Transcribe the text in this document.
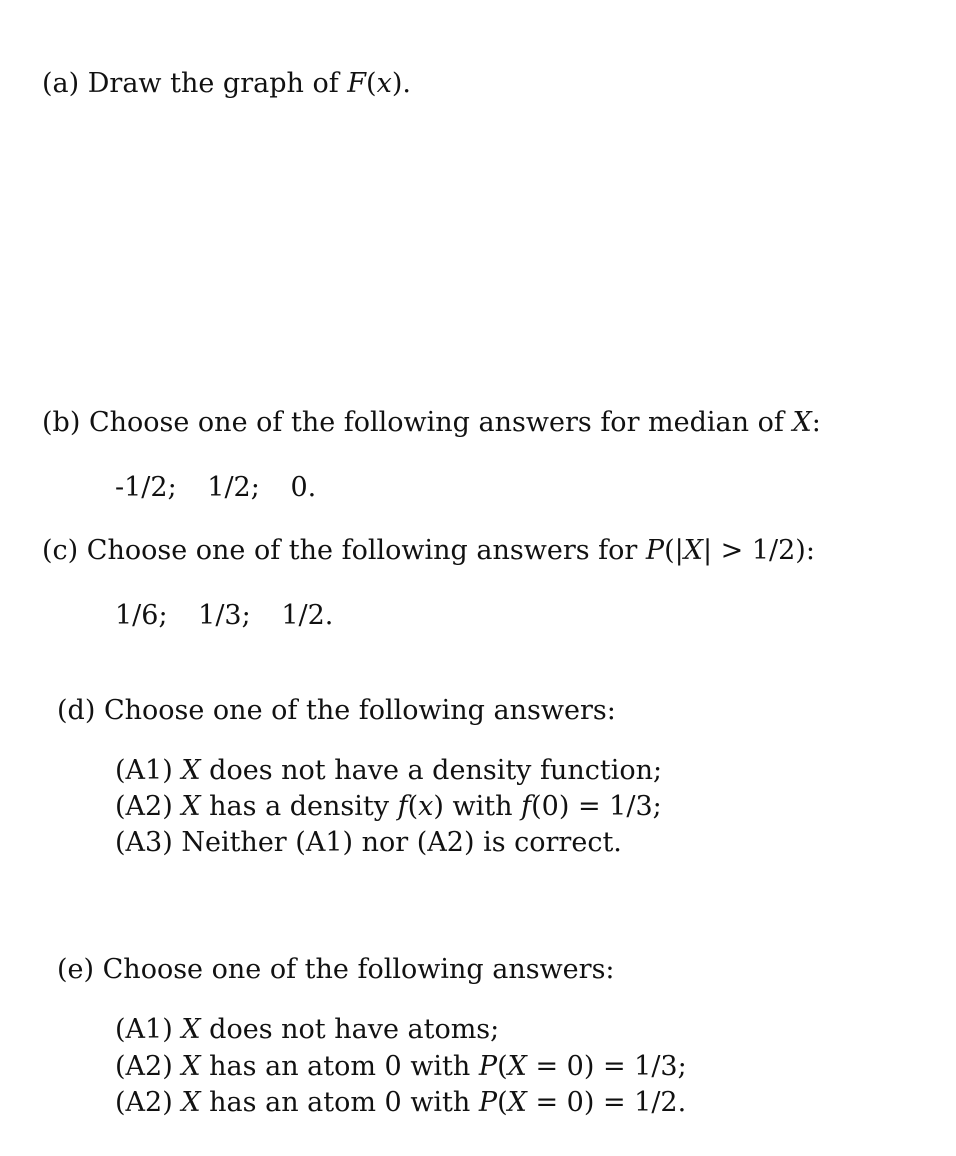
(a) Draw the graph of F(x).
(b) Choose one of the following answers for median of X:
-1/2; 1/2; 0.
(c) Choose one of the following answers for P(|X| > 1/2):
1/6; 1/3; 1/2.
(d) Choose one of the following answers:
(A1) X does not have a density function;
(A2) X has a density f(x) with f(0) = 1/3;
(A3) Neither (A1) nor (A2) is correct.
(e) Choose one of the following answers:
(A1) X does not have atoms;
(A2) X has an atom 0 with P(X = 0) = 1/3;
(A2) X has an atom 0 with P(X = 0) = 1/2.
